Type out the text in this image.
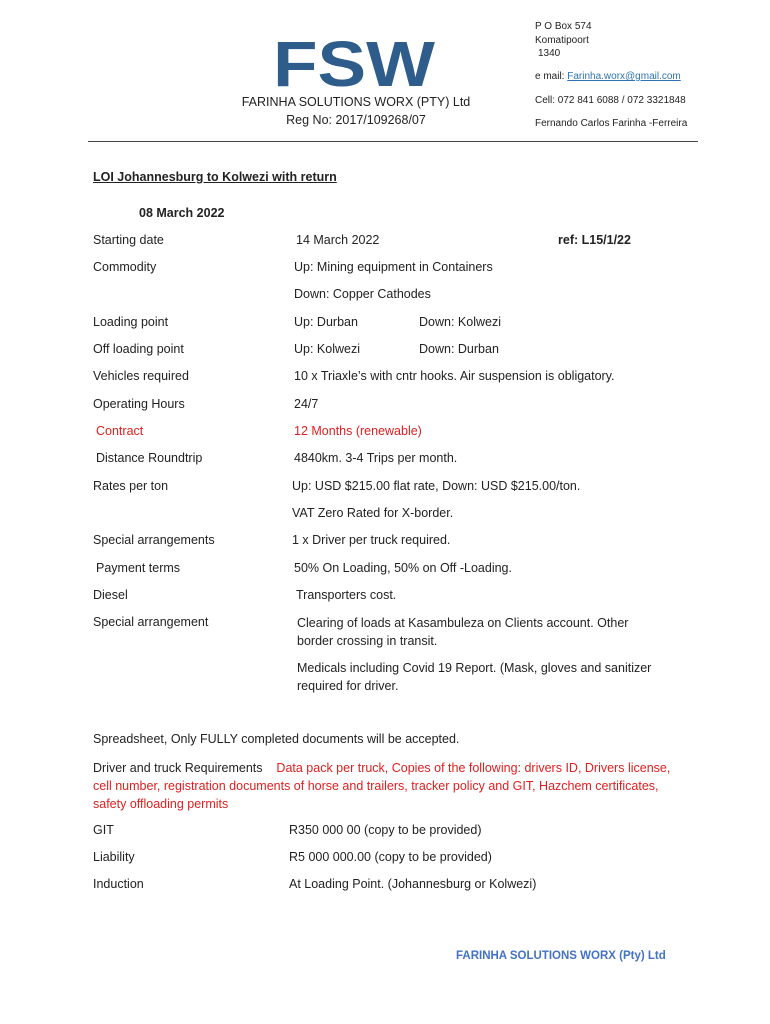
FSW
FARINHA SOLUTIONS WORX (PTY) Ltd
Reg No: 2017/109268/07
P O Box 574
Komatipoort
1340
e mail: Farinha.worx@gmail.com
Cell: 072 841 6088 / 072 3321848
Fernando Carlos Farinha -Ferreira
LOI Johannesburg to Kolwezi with return
08 March 2022
Starting date	14 March 2022	ref: L15/1/22
Commodity	Up: Mining equipment in Containers
Down: Copper Cathodes
Loading point	Up: Durban	Down: Kolwezi
Off loading point	Up: Kolwezi	Down: Durban
Vehicles required	10 x Triaxle’s with cntr hooks. Air suspension is obligatory.
Operating Hours	24/7
Contract	12 Months (renewable)
Distance Roundtrip	4840km. 3-4 Trips per month.
Rates per ton	Up: USD $215.00 flat rate, Down: USD $215.00/ton.
VAT Zero Rated for X-border.
Special arrangements	1 x Driver per truck required.
Payment terms	50% On Loading, 50% on Off -Loading.
Diesel	Transporters cost.
Special arrangement	Clearing of loads at Kasambuleza on Clients account. Other border crossing in transit.
Medicals including Covid 19 Report. (Mask, gloves and sanitizer required for driver.
Spreadsheet, Only FULLY completed documents will be accepted.
Driver and truck Requirements Data pack per truck, Copies of the following: drivers ID, Drivers license, cell number, registration documents of horse and trailers, tracker policy and GIT, Hazchem certificates, safety offloading permits
GIT	R350 000 00 (copy to be provided)
Liability	R5 000 000.00 (copy to be provided)
Induction	At Loading Point. (Johannesburg or Kolwezi)
FARINHA SOLUTIONS WORX (Pty) Ltd
